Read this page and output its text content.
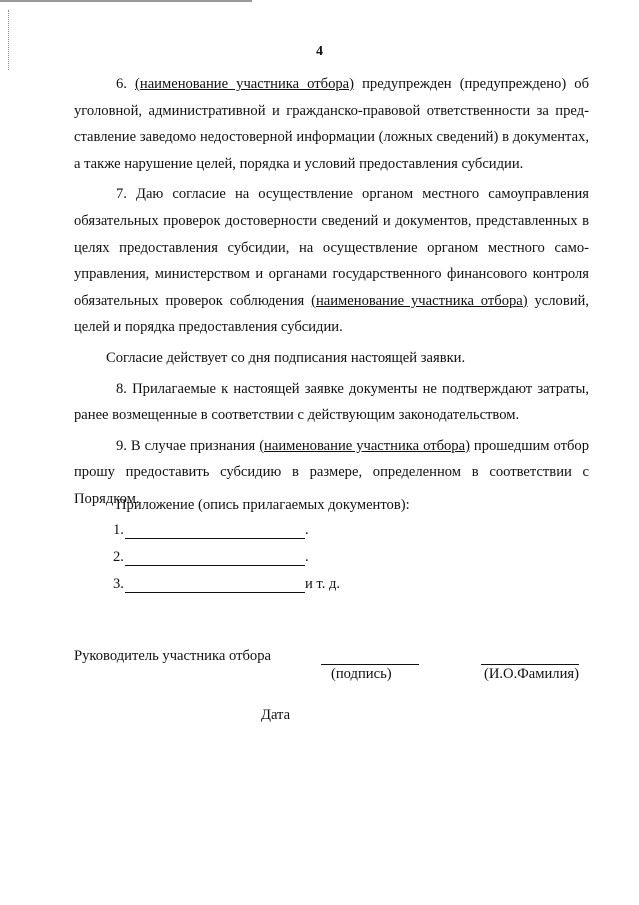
4

6. (наименование участника отбора) предупрежден (предупреждено) об уголовной, административной и гражданско-правовой ответственности за представление заведомо недостоверной информации (ложных сведений) в документах, а также нарушение целей, порядка и условий предоставления субсидии.

7. Даю согласие на осуществление органом местного самоуправления обязательных проверок достоверности сведений и документов, представленных в целях предоставления субсидии, на осуществление органом местного самоуправления, министерством и органами государственного финансового контроля обязательных проверок соблюдения (наименование участника отбора) условий, целей и порядка предоставления субсидии.

Согласие действует со дня подписания настоящей заявки.

8. Прилагаемые к настоящей заявке документы не подтверждают затраты, ранее возмещенные в соответствии с действующим законодательством.

9. В случае признания (наименование участника отбора) прошедшим отбор прошу предоставить субсидию в размере, определенном в соответствии с Порядком.

Приложение (опись прилагаемых документов):
1.	.
2.	.
3.	и т. д.
Руководитель участника отбора
(подпись)	(И.О.Фамилия)
Дата
